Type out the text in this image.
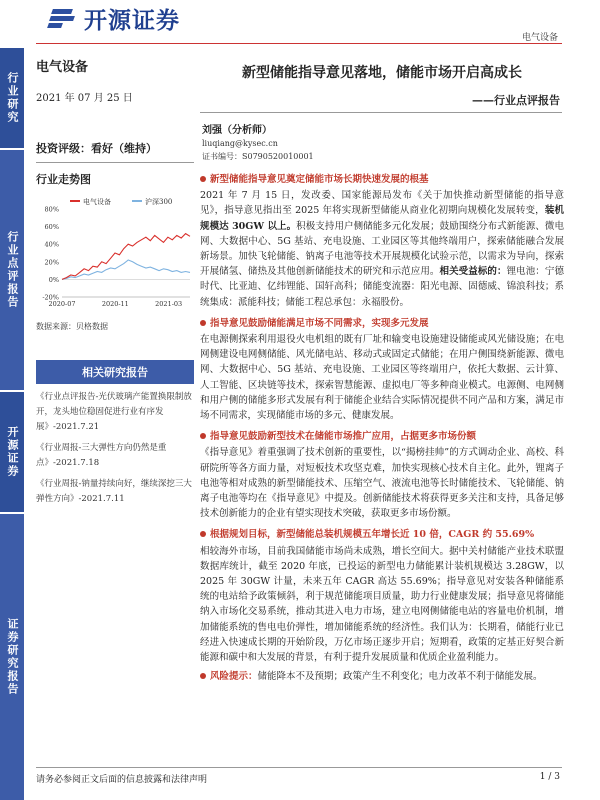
开源证券
电气设备
行业研究
行业点评报告
开源证券
证券研究报告
电气设备
2021 年 07 月 25 日
投资评级：看好（维持）
行业走势图
电气设备	沪深300
80%
60%
40%
20%
0%
-20%
2020-07	2020-11	2021-03
数据来源：贝格数据
相关研究报告

《行业点评报告-光伏玻璃产能置换限制放开，龙头地位稳固促进行业有序发展》-2021.7.21

《行业周报-三大弹性方向仍然是重点》-2021.7.18

《行业周报-钠量持续向好，继续深挖三大弹性方向》-2021.7.11

新型储能指导意见落地，储能市场开启高成长
——行业点评报告
刘强（分析师）
liuqiang@kysec.cn
证书编号：S0790520010001
新型储能指导意见奠定储能市场长期快速发展的根基
2021 年 7 月 15 日，发改委、国家能源局发布《关于加快推动新型储能的指导意见》，指导意见指出至 2025 年将实现新型储能从商业化初期向规模化发展转变，装机规模达 30GW 以上。积极支持用户侧储能多元化发展；鼓励围绕分布式新能源、微电网、大数据中心、5G 基站、充电设施、工业园区等其他终端用户，探索储能融合发展新场景。加快飞轮储能、钠离子电池等技术开展规模化试验示范，以需求为导向，探索开展储氢、储热及其他创新储能技术的研究和示范应用。相关受益标的：锂电池：宁德时代、比亚迪、亿纬锂能、国轩高科；储能变流器：阳光电源、固德威、锦浪科技；系统集成：派能科技；储能工程总承包：永福股份。
指导意见鼓励储能满足市场不同需求，实现多元发展
在电源侧探索利用退役火电机组的既有厂址和输变电设施建设储能或风光储设施；在电网侧建设电网侧储能、风光储电站、移动式或固定式储能；在用户侧围绕新能源、微电网、大数据中心、5G 基站、充电设施、工业园区等终端用户，依托大数据、云计算、人工智能、区块链等技术，探索智慧能源、虚拟电厂等多种商业模式。电源侧、电网侧和用户侧的储能多形式发展有利于储能企业结合实际情况提供不同产品和方案，满足市场不同需求，实现储能市场的多元、健康发展。
指导意见鼓励新型技术在储能市场推广应用，占据更多市场份额
《指导意见》着重强调了技术创新的重要性，以“揭榜挂帅”的方式调动企业、高校、科研院所等各方面力量，对短板技术攻坚克难，加快实现核心技术自主化。此外，锂离子电池等相对成熟的新型储能技术、压缩空气、液流电池等长时储能技术、飞轮储能、钠离子电池等均在《指导意见》中提及。创新储能技术将获得更多关注和支持，具备足够技术创新能力的企业有望实现技术突破，获取更多市场份额。
根据规划目标，新型储能总装机规模五年增长近 10 倍，CAGR 约 55.69%
相较海外市场，目前我国储能市场尚未成熟，增长空间大。据中关村储能产业技术联盟数据库统计，截至 2020 年底，已投运的新型电力储能累计装机规模达 3.28GW，以 2025 年 30GW 计量，未来五年 CAGR 高达 55.69%；指导意见对安装各种储能系统的电站给予政策倾斜，利于规范储能项目质量，助力行业健康发展；指导意见将储能纳入市场化交易系统，推动其进入电力市场，建立电网侧储能电站的容量电价机制，增加储能系统的售电电价弹性，增加储能系统的经济性。我们认为：长期看，储能行业已经进入快速成长期的开始阶段，万亿市场正逐步开启；短期看，政策的定基正好契合新能源和碳中和大发展的背景，有利于提升发展质量和优质企业盈利能力。
风险提示：储能降本不及预期；政策产生不利变化；电力改革不利于储能发展。
请务必参阅正文后面的信息披露和法律声明	1 / 3
